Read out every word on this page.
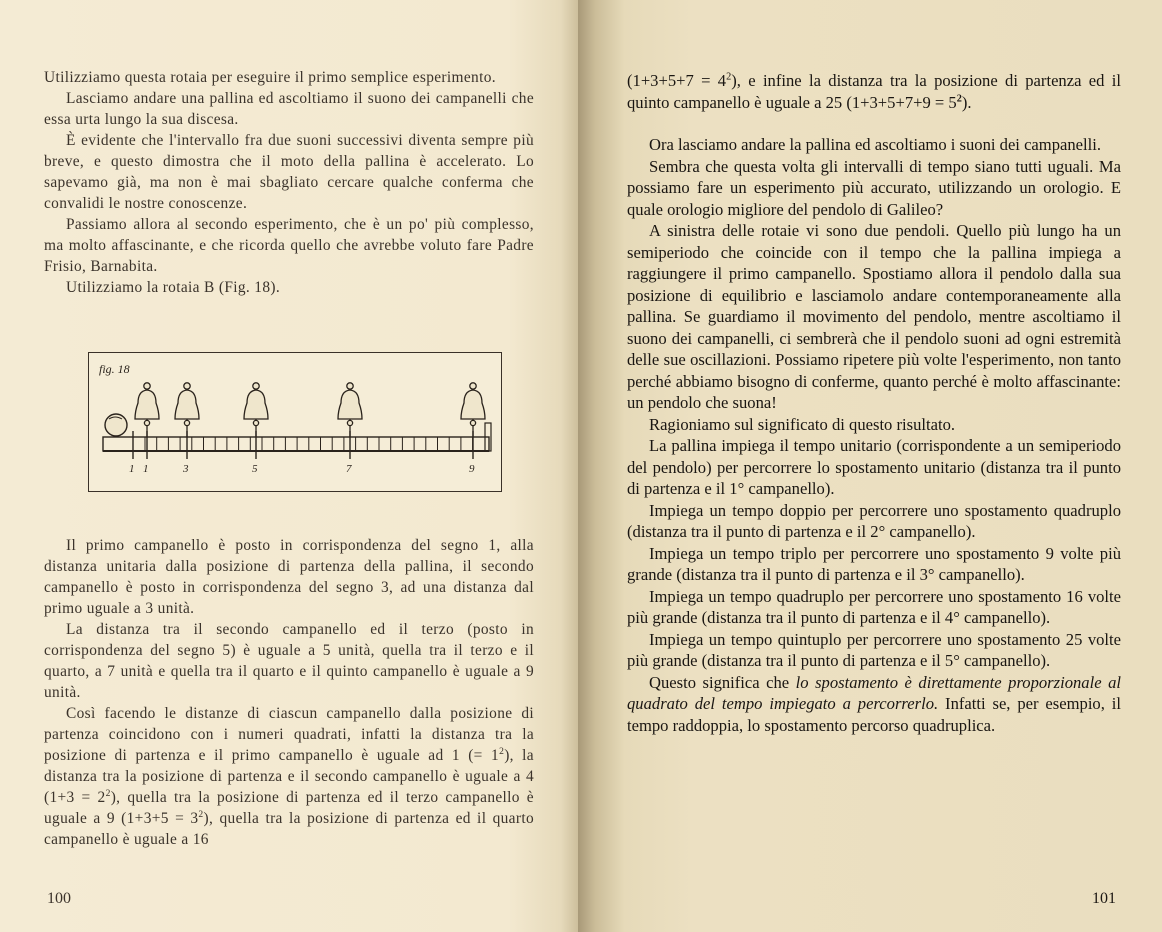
Utilizziamo questa rotaia per eseguire il primo semplice esperimento.

Lasciamo andare una pallina ed ascoltiamo il suono dei campanelli che essa urta lungo la sua discesa.

È evidente che l'intervallo fra due suoni successivi diventa sempre più breve, e questo dimostra che il moto della pallina è accelerato. Lo sapevamo già, ma non è mai sbagliato cercare qualche conferma che convalidi le nostre conoscenze.

Passiamo allora al secondo esperimento, che è un po' più complesso, ma molto affascinante, e che ricorda quello che avrebbe voluto fare Padre Frisio, Barnabita.

Utilizziamo la rotaia B (Fig. 18).

fig. 18
1 1	3	5	7	9

Il primo campanello è posto in corrispondenza del segno 1, alla distanza unitaria dalla posizione di partenza della pallina, il secondo campanello è posto in corrispondenza del segno 3, ad una distanza dal primo uguale a 3 unità.

La distanza tra il secondo campanello ed il terzo (posto in corrispondenza del segno 5) è uguale a 5 unità, quella tra il terzo e il quarto, a 7 unità e quella tra il quarto e il quinto campanello è uguale a 9 unità.

Così facendo le distanze di ciascun campanello dalla posizione di partenza coincidono con i numeri quadrati, infatti la distanza tra la posizione di partenza e il primo campanello è uguale ad 1 (= $1^2$), la distanza tra la posizione di partenza e il secondo campanello è uguale a 4 $(1+3 = 2^2)$, quella tra la posizione di partenza ed il terzo campanello è uguale a 9 $(1+3+5 = 3^2)$, quella tra la posizione di partenza ed il quarto campanello è uguale a 16

100

$(1+3+5+7 = 4^2)$, e infine la distanza tra la posizione di partenza ed il quinto campanello è uguale a 25 $(1+3+5+7+9 = 5^2)$.

Ora lasciamo andare la pallina ed ascoltiamo i suoni dei campanelli.

Sembra che questa volta gli intervalli di tempo siano tutti uguali. Ma possiamo fare un esperimento più accurato, utilizzando un orologio. E quale orologio migliore del pendolo di Galileo?

A sinistra delle rotaie vi sono due pendoli. Quello più lungo ha un semiperiodo che coincide con il tempo che la pallina impiega a raggiungere il primo campanello. Spostiamo allora il pendolo dalla sua posizione di equilibrio e lasciamolo andare contemporaneamente alla pallina. Se guardiamo il movimento del pendolo, mentre ascoltiamo il suono dei campanelli, ci sembrerà che il pendolo suoni ad ogni estremità delle sue oscillazioni. Possiamo ripetere più volte l'esperimento, non tanto perché abbiamo bisogno di conferme, quanto perché è molto affascinante: un pendolo che suona!

Ragioniamo sul significato di questo risultato.

La pallina impiega il tempo unitario (corrispondente a un semiperiodo del pendolo) per percorrere lo spostamento unitario (distanza tra il punto di partenza e il 1° campanello).

Impiega un tempo doppio per percorrere uno spostamento quadruplo (distanza tra il punto di partenza e il 2° campanello).

Impiega un tempo triplo per percorrere uno spostamento 9 volte più grande (distanza tra il punto di partenza e il 3° campanello).

Impiega un tempo quadruplo per percorrere uno spostamento 16 volte più grande (distanza tra il punto di partenza e il 4° campanello).

Impiega un tempo quintuplo per percorrere uno spostamento 25 volte più grande (distanza tra il punto di partenza e il 5° campanello).

Questo significa che lo spostamento è direttamente proporzionale al quadrato del tempo impiegato a percorrerlo. Infatti se, per esempio, il tempo raddoppia, lo spostamento percorso quadruplica.

101
